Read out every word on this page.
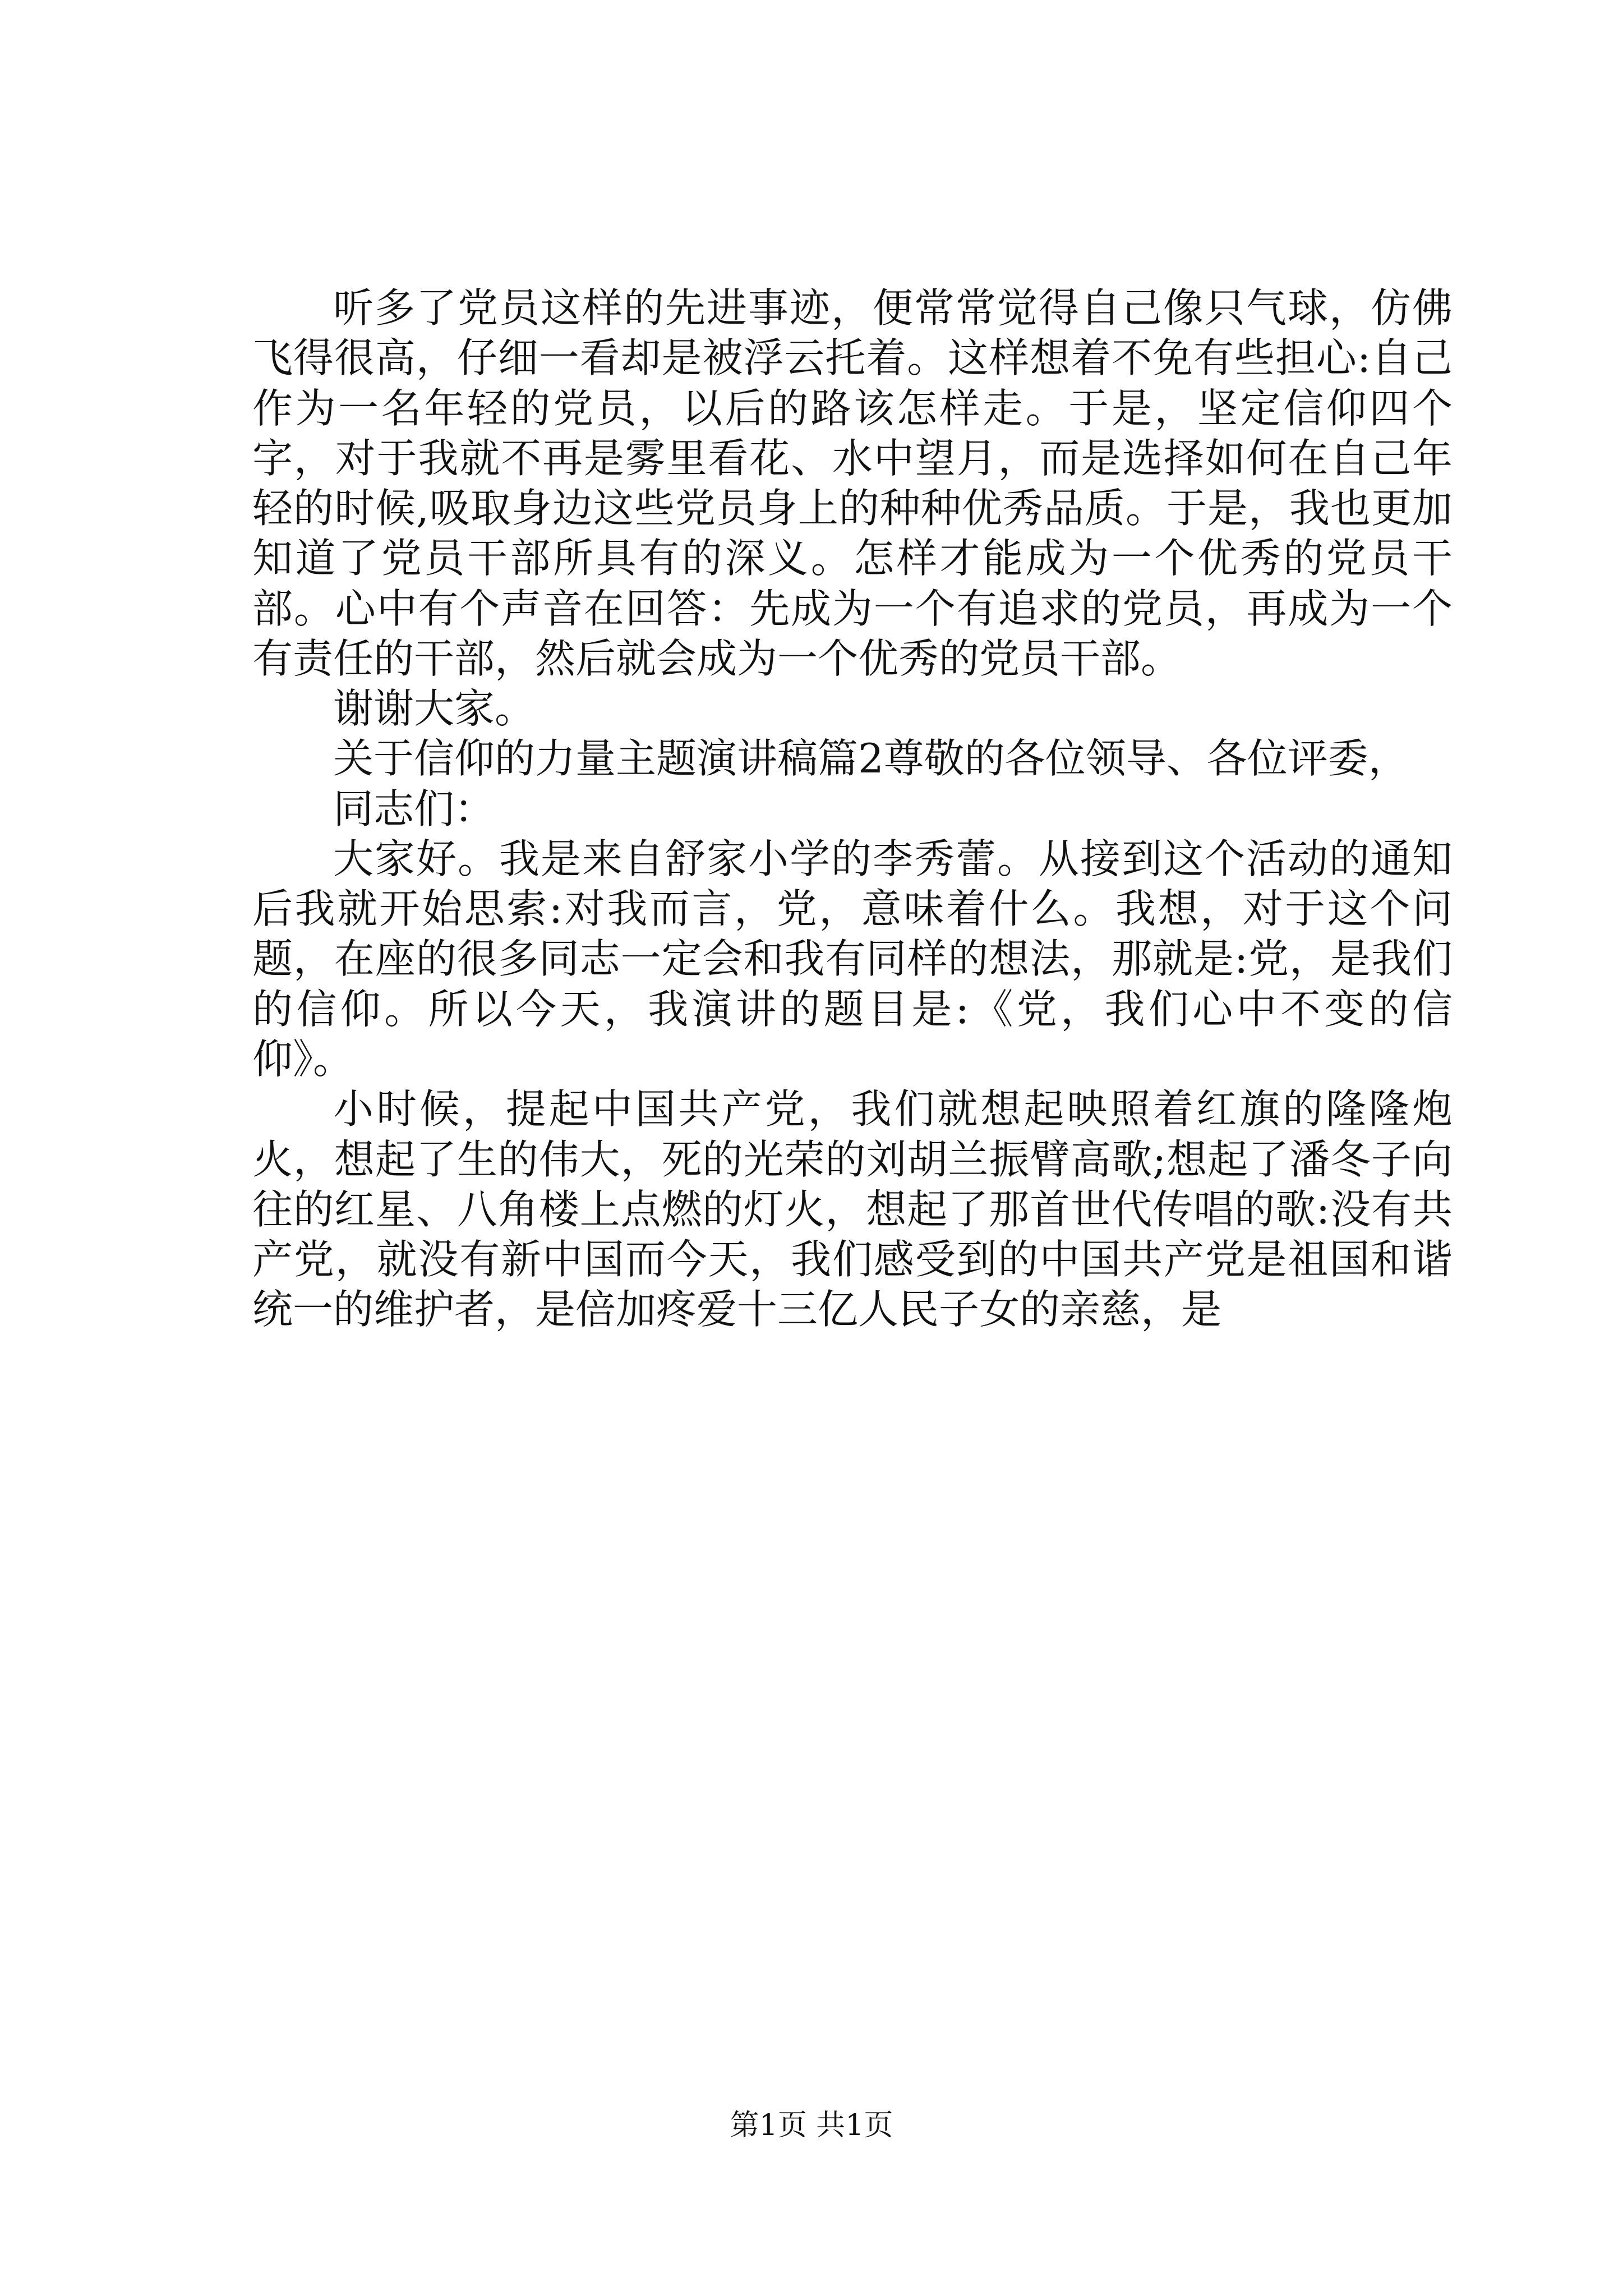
听多了党员这样的先进事迹，便常常觉得自己像只气球，仿佛飞得很高，仔细一看却是被浮云托着。这样想着不免有些担心:自己作为一名年轻的党员，以后的路该怎样走。于是，坚定信仰四个字，对于我就不再是雾里看花、水中望月，而是选择如何在自己年轻的时候,吸取身边这些党员身上的种种优秀品质。于是，我也更加知道了党员干部所具有的深义。怎样才能成为一个优秀的党员干部。心中有个声音在回答：先成为一个有追求的党员，再成为一个有责任的干部，然后就会成为一个优秀的党员干部。

谢谢大家。

关于信仰的力量主题演讲稿篇2尊敬的各位领导、各位评委，

同志们：

大家好。我是来自舒家小学的李秀蕾。从接到这个活动的通知后我就开始思索:对我而言，党，意味着什么。我想，对于这个问题，在座的很多同志一定会和我有同样的想法，那就是:党，是我们的信仰。所以今天，我演讲的题目是:《党，我们心中不变的信仰》。

小时候，提起中国共产党，我们就想起映照着红旗的隆隆炮火，想起了生的伟大，死的光荣的刘胡兰振臂高歌;想起了潘冬子向往的红星、八角楼上点燃的灯火，想起了那首世代传唱的歌:没有共产党，就没有新中国而今天，我们感受到的中国共产党是祖国和谐统一的维护者，是倍加疼爱十三亿人民子女的亲慈，是

第1页 共1页
